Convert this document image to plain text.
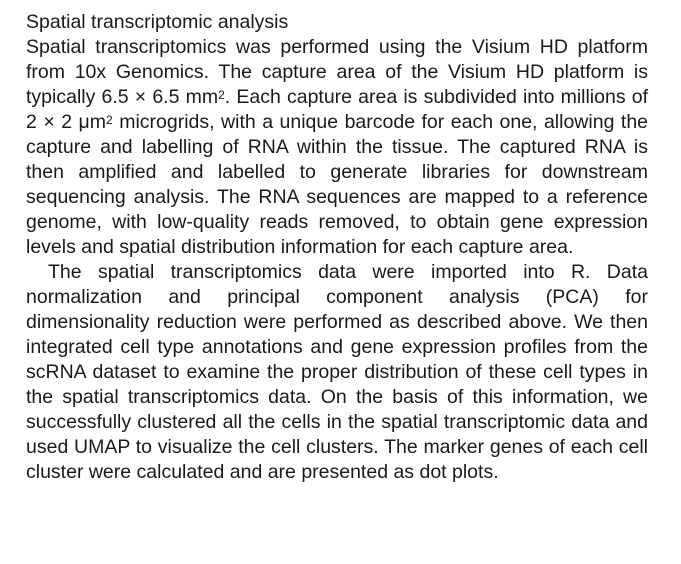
Spatial transcriptomic analysis

Spatial transcriptomics was performed using the Visium HD platform from 10x Genomics. The capture area of the Visium HD platform is typically 6.5 × 6.5 $mm^2$. Each capture area is subdivided into millions of 2 × 2 $\mu m^2$ microgrids, with a unique barcode for each one, allowing the capture and labelling of RNA within the tissue. The captured RNA is then amplified and labelled to generate libraries for downstream sequencing analysis. The RNA sequences are mapped to a reference genome, with low-quality reads removed, to obtain gene expression levels and spatial distribution information for each capture area.

The spatial transcriptomics data were imported into R. Data normalization and principal component analysis (PCA) for dimensionality reduction were performed as described above. We then integrated cell type annotations and gene expression profiles from the scRNA dataset to examine the proper distribution of these cell types in the spatial transcriptomics data. On the basis of this information, we successfully clustered all the cells in the spatial transcriptomic data and used UMAP to visualize the cell clusters. The marker genes of each cell cluster were calculated and are presented as dot plots.
